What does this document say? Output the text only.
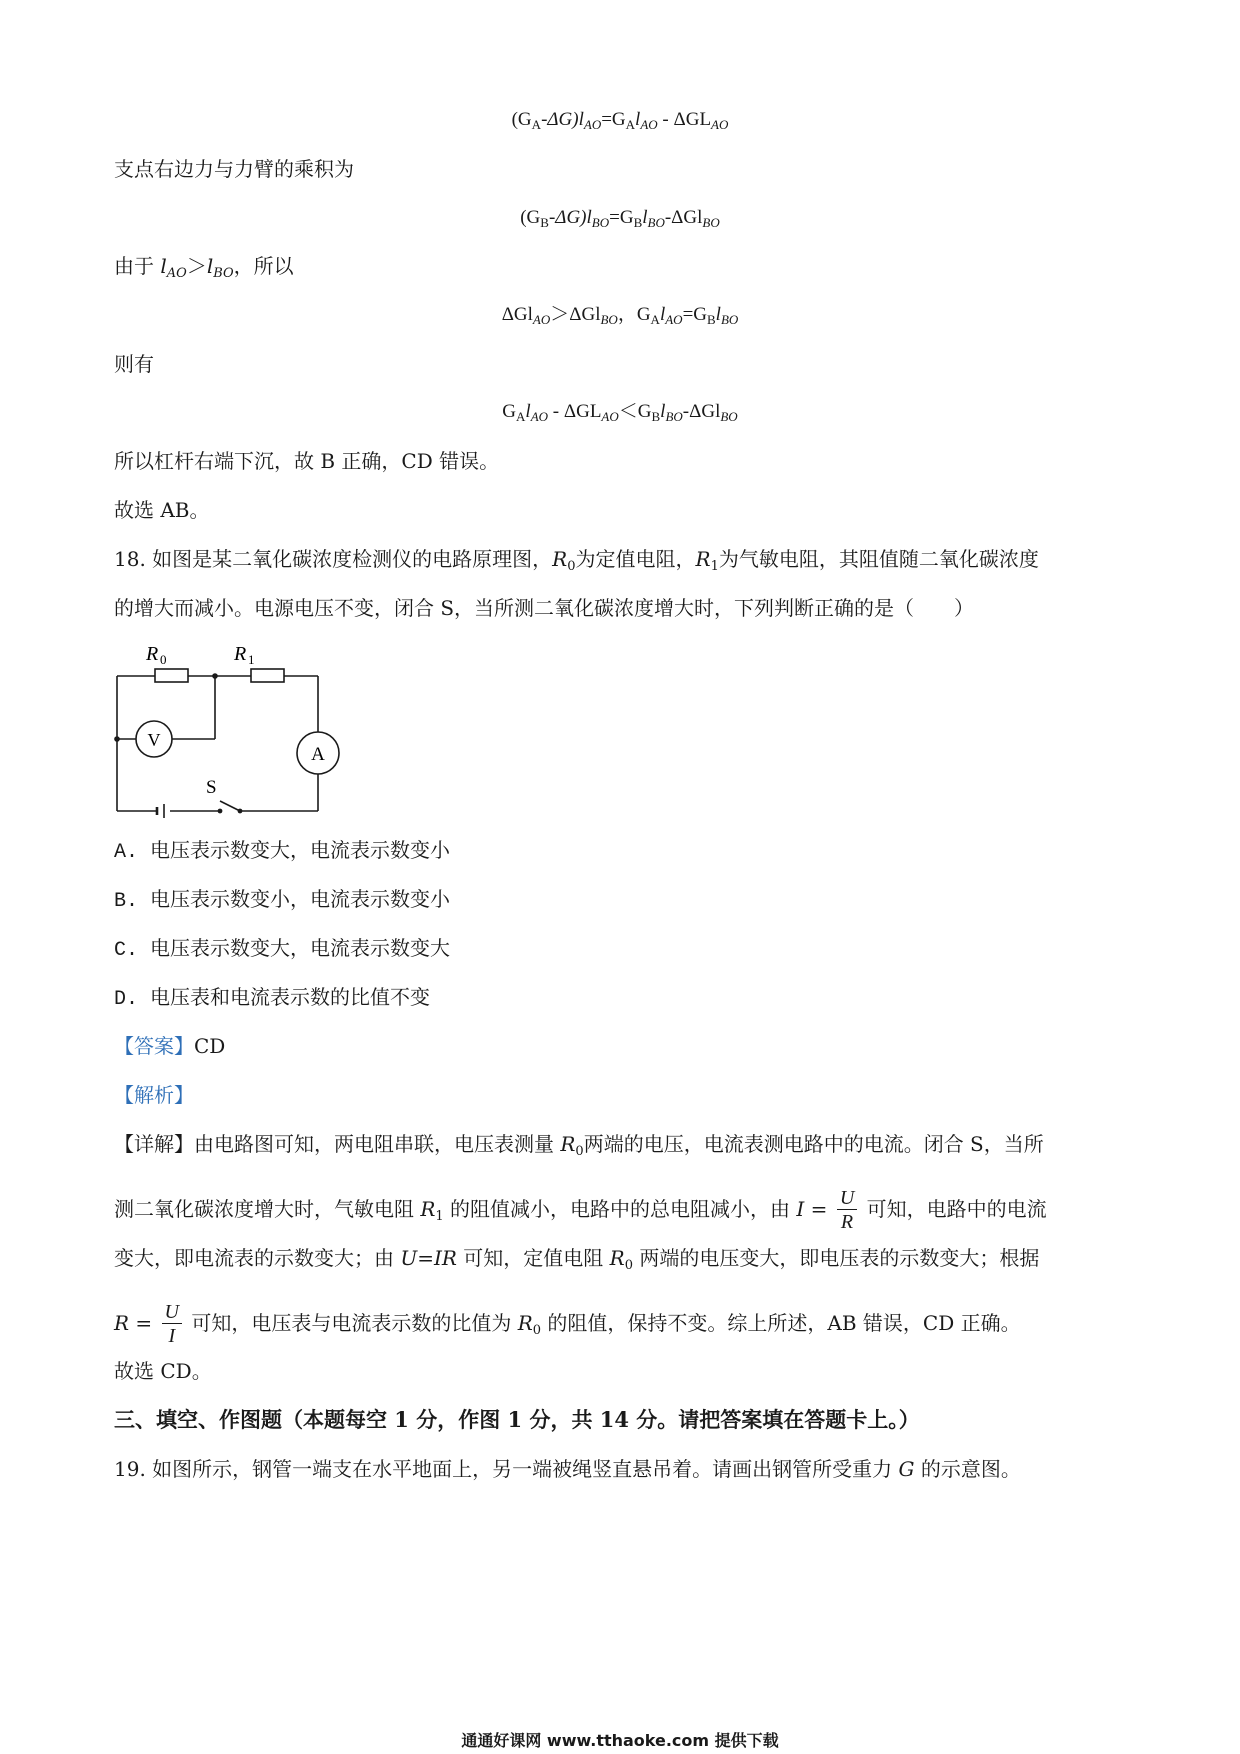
$(G_A-\Delta G)l_{AO}=G_Al_{AO} - \Delta GL_{AO}$
支点右边力与力臂的乘积为
$(G_B-\Delta G)l_{BO}=G_Bl_{BO}-\Delta Gl_{BO}$
由于 $l_{AO}>l_{BO}$，所以
ΔGl$_{AO}$＞ΔGl$_{BO}$，$G_Al_{AO}=G_Bl_{BO}$
则有
$G_Al_{AO} - \Delta GL_{AO}<G_Bl_{BO}-\Delta Gl_{BO}$
所以杠杆右端下沉，故 B 正确，CD 错误。
故选 AB。
18. 如图是某二氧化碳浓度检测仪的电路原理图，$R_0$为定值电阻，$R_1$为气敏电阻，其阻值随二氧化碳浓度
的增大而减小。电源电压不变，闭合 S，当所测二氧化碳浓度增大时，下列判断正确的是（　　）
R 0	R 1
V
A
S
A. 电压表示数变大，电流表示数变小
B. 电压表示数变小，电流表示数变小
C. 电压表示数变大，电流表示数变大
D. 电压表和电流表示数的比值不变
【答案】CD
【解析】
【详解】由电路图可知，两电阻串联，电压表测量 $R_0$两端的电压，电流表测电路中的电流。闭合 S，当所
测二氧化碳浓度增大时，气敏电阻 $R_1$ 的阻值减小，电路中的总电阻减小，由 $I = \frac{U}{R}$ 可知，电路中的电流
变大，即电流表的示数变大；由 U=IR 可知，定值电阻 $R_0$ 两端的电压变大，即电压表的示数变大；根据
$R = \frac{U}{I}$ 可知，电压表与电流表示数的比值为 $R_0$ 的阻值，保持不变。综上所述，AB 错误，CD 正确。
故选 CD。
三、填空、作图题（本题每空 1 分，作图 1 分，共 14 分。请把答案填在答题卡上。）
19. 如图所示，钢管一端支在水平地面上，另一端被绳竖直悬吊着。请画出钢管所受重力 G 的示意图。
通通好课网 www.tthaoke.com 提供下载
